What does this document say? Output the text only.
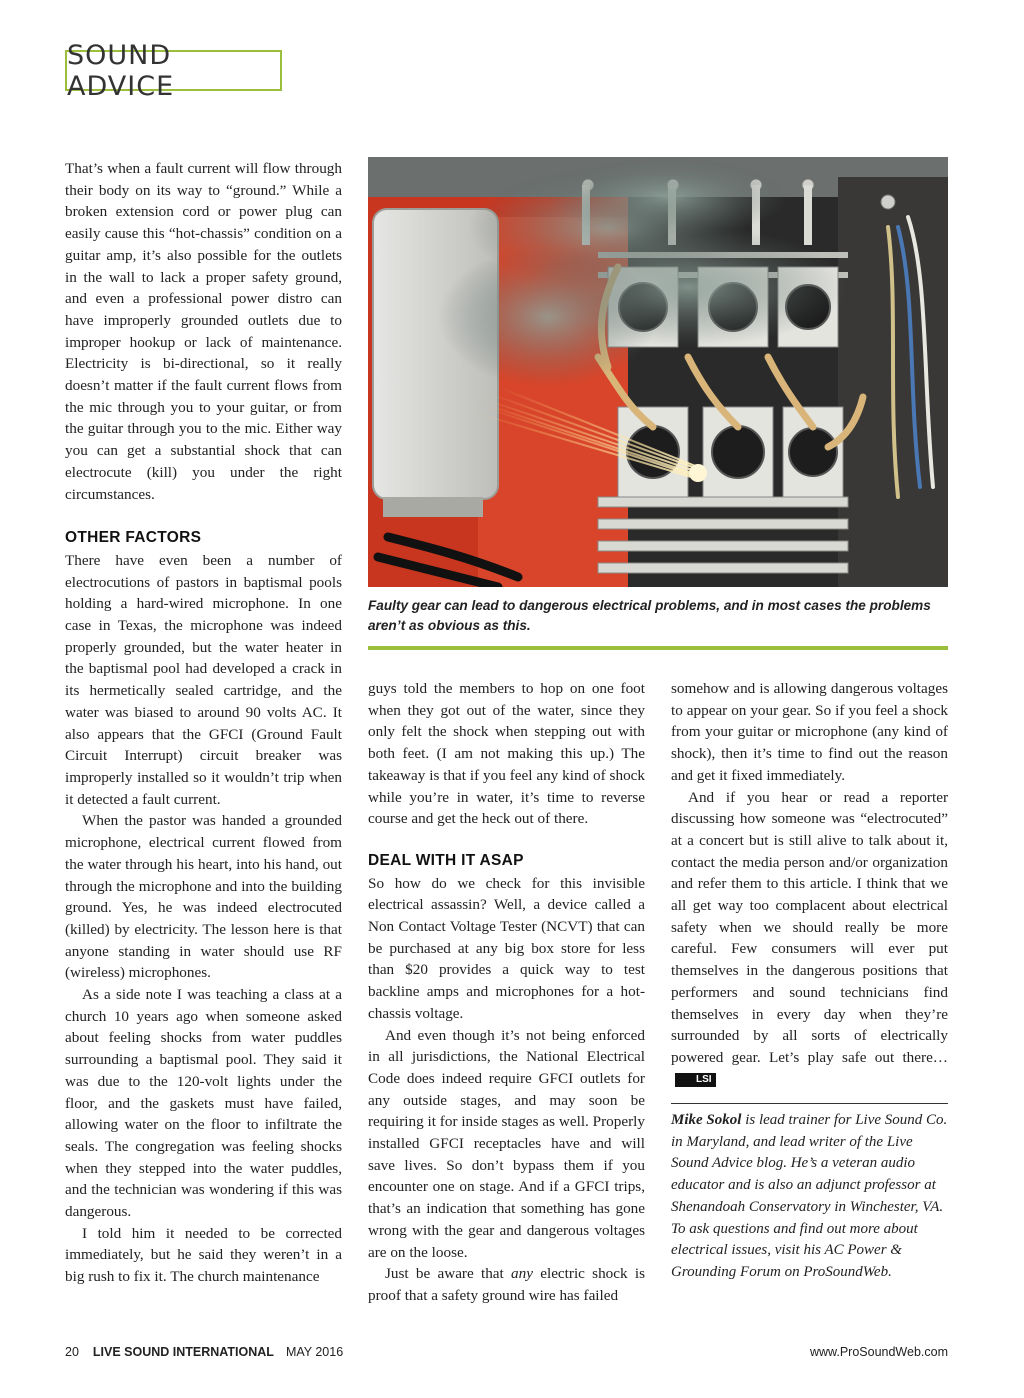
SOUND ADVICE

That’s when a fault current will flow through their body on its way to “ground.” While a broken extension cord or power plug can easily cause this “hot-chassis” condition on a guitar amp, it’s also possible for the outlets in the wall to lack a proper safety ground, and even a professional power distro can have improperly grounded outlets due to improper hookup or lack of maintenance. Electricity is bi-directional, so it really doesn’t matter if the fault current flows from the mic through you to your guitar, or from the guitar through you to the mic. Either way you can get a substantial shock that can electrocute (kill) you under the right circumstances.

OTHER FACTORS

There have even been a number of electrocutions of pastors in baptismal pools holding a hard-wired microphone. In one case in Texas, the microphone was indeed properly grounded, but the water heater in the baptismal pool had developed a crack in its hermetically sealed cartridge, and the water was biased to around 90 volts AC. It also appears that the GFCI (Ground Fault Circuit Interrupt) circuit breaker was improperly installed so it wouldn’t trip when it detected a fault current.

When the pastor was handed a grounded microphone, electrical current flowed from the water through his heart, into his hand, out through the microphone and into the building ground. Yes, he was indeed electrocuted (killed) by electricity. The lesson here is that anyone standing in water should use RF (wireless) microphones.

As a side note I was teaching a class at a church 10 years ago when someone asked about feeling shocks from water puddles surrounding a baptismal pool. They said it was due to the 120-volt lights under the floor, and the gaskets must have failed, allowing water on the floor to infiltrate the seals. The congregation was feeling shocks when they stepped into the water puddles, and the technician was wondering if this was dangerous.

I told him it needed to be corrected immediately, but he said they weren’t in a big rush to fix it. The church maintenance

Faulty gear can lead to dangerous electrical problems, and in most cases the problems aren’t as obvious as this.

guys told the members to hop on one foot when they got out of the water, since they only felt the shock when stepping out with both feet. (I am not making this up.) The takeaway is that if you feel any kind of shock while you’re in water, it’s time to reverse course and get the heck out of there.

DEAL WITH IT ASAP

So how do we check for this invisible electrical assassin? Well, a device called a Non Contact Voltage Tester (NCVT) that can be purchased at any big box store for less than $20 provides a quick way to test backline amps and microphones for a hot-chassis voltage.

And even though it’s not being enforced in all jurisdictions, the National Electrical Code does indeed require GFCI outlets for any outside stages, and may soon be requiring it for inside stages as well. Properly installed GFCI receptacles have and will save lives. So don’t bypass them if you encounter one on stage. And if a GFCI trips, that’s an indication that something has gone wrong with the gear and dangerous voltages are on the loose.

Just be aware that any electric shock is proof that a safety ground wire has failed

somehow and is allowing dangerous voltages to appear on your gear. So if you feel a shock from your guitar or microphone (any kind of shock), then it’s time to find out the reason and get it fixed immediately.

And if you hear or read a reporter discussing how someone was “electrocuted” at a concert but is still alive to talk about it, contact the media person and/or organization and refer them to this article. I think that we all get way too complacent about electrical safety when we should really be more careful. Few consumers will ever put themselves in the dangerous positions that performers and sound technicians find themselves in every day when they’re surrounded by all sorts of electrically powered gear. Let’s play safe out there…LSI

Mike Sokol is lead trainer for Live Sound Co. in Maryland, and lead writer of the Live Sound Advice blog. He’s a veteran audio educator and is also an adjunct professor at Shenandoah Conservatory in Winchester, VA. To ask questions and find out more about electrical issues, visit his AC Power & Grounding Forum on ProSoundWeb.
20 LIVE SOUND INTERNATIONAL MAY 2016	www.ProSoundWeb.com
